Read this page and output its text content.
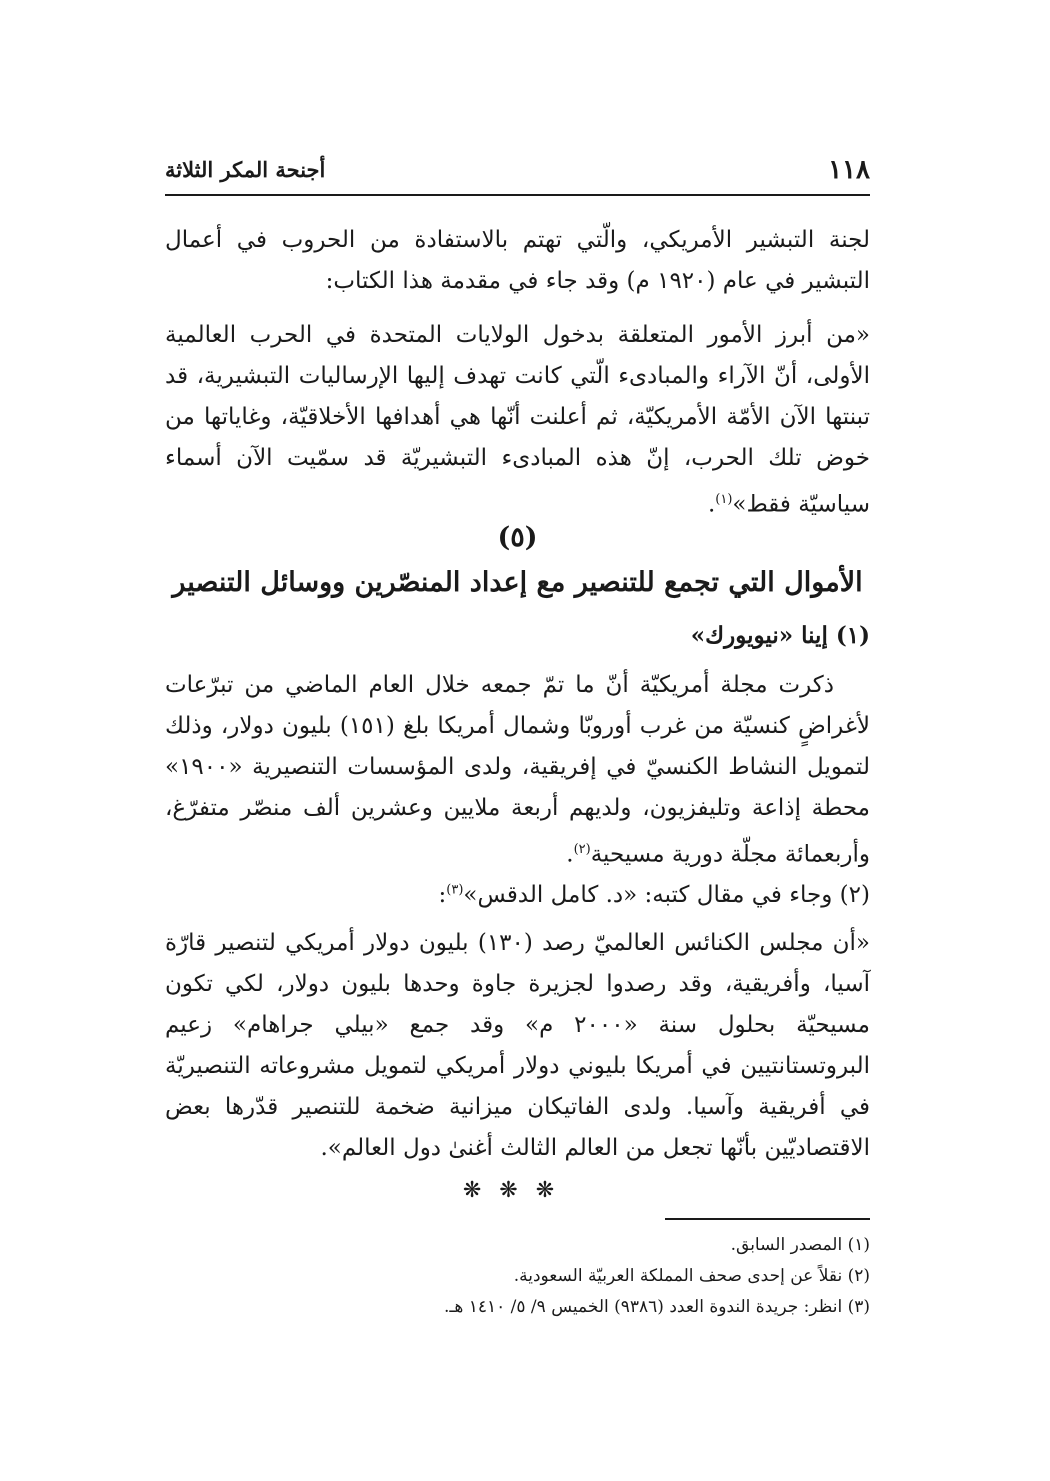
١١٨
أجنحة المكر الثلاثة
لجنة التبشير الأمريكي، والّتي تهتم بالاستفادة من الحروب في أعمال التبشير في عام (١٩٢٠ م) وقد جاء في مقدمة هذا الكتاب:
«من أبرز الأمور المتعلقة بدخول الولايات المتحدة في الحرب العالمية الأولى، أنّ الآراء والمبادىء الّتي كانت تهدف إليها الإرساليات التبشيرية، قد تبنتها الآن الأمّة الأمريكيّة، ثم أعلنت أنّها هي أهدافها الأخلاقيّة، وغاياتها من خوض تلك الحرب، إنّ هذه المبادىء التبشيريّة قد سمّيت الآن أسماء سياسيّة فقط»$^{(١)}$.
(٥)
الأموال التي تجمع للتنصير مع إعداد المنصّرين ووسائل التنصير
(١) إينا «نيويورك»
ذكرت مجلة أمريكيّة أنّ ما تمّ جمعه خلال العام الماضي من تبرّعات لأغراضٍ كنسيّة من غرب أوروبّا وشمال أمريكا بلغ (١٥١) بليون دولار، وذلك لتمويل النشاط الكنسيّ في إفريقية، ولدى المؤسسات التنصيرية «١٩٠٠» محطة إذاعة وتليفزيون، ولديهم أربعة ملايين وعشرين ألف منصّر متفرّغ، وأربعمائة مجلّة دورية مسيحية$^{(٢)}$.
(٢) وجاء في مقال كتبه: «د. كامل الدقس»$^{(٣)}$:
«أن مجلس الكنائس العالميّ رصد (١٣٠) بليون دولار أمريكي لتنصير قارّة آسيا، وأفريقية، وقد رصدوا لجزيرة جاوة وحدها بليون دولار، لكي تكون مسيحيّة بحلول سنة «٢٠٠٠ م» وقد جمع «بيلي جراهام» زعيم البروتستانتيين في أمريكا بليوني دولار أمريكي لتمويل مشروعاته التنصيريّة في أفريقية وآسيا. ولدى الفاتيكان ميزانية ضخمة للتنصير قدّرها بعض الاقتصاديّين بأنّها تجعل من العالم الثالث أغنىٰ دول العالم».
❋❋❋
(١) المصدر السابق.
(٢) نقلاً عن إحدى صحف المملكة العربيّة السعودية.
(٣) انظر: جريدة الندوة العدد (٩٣٨٦) الخميس ٩/ ٥/ ١٤١٠ هـ.
